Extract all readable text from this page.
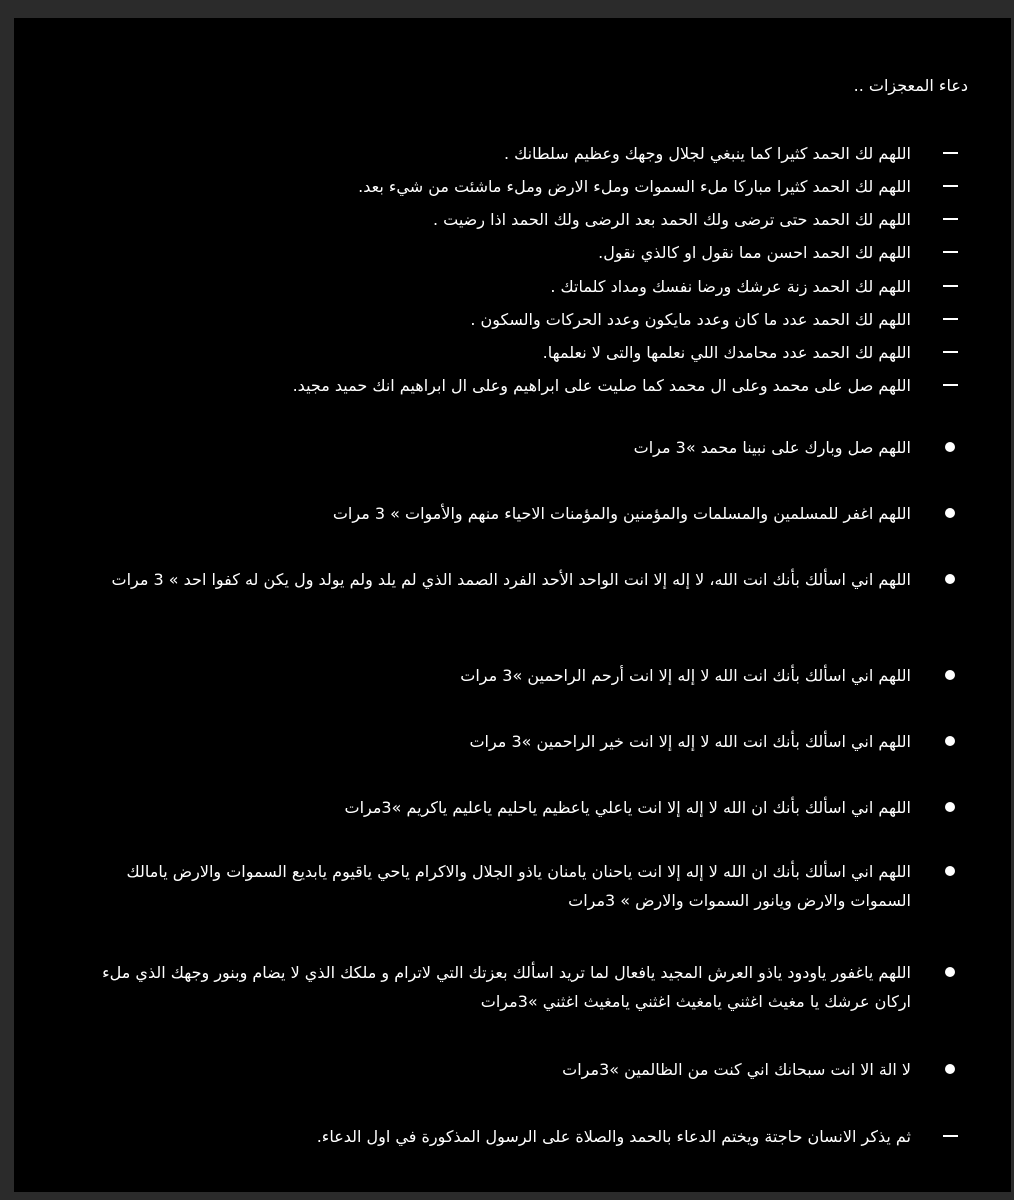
دعاء المعجزات ..
اللهم لك الحمد كثيرا كما ينبغي لجلال وجهك وعظيم سلطانك .
اللهم لك الحمد كثيرا مباركا ملء السموات وملء الارض وملء ماشئت من شيء بعد.
اللهم لك الحمد حتى ترضى ولك الحمد بعد الرضى ولك الحمد اذا رضيت .
اللهم لك الحمد احسن مما نقول او كالذي نقول.
اللهم لك الحمد زنة عرشك ورضا نفسك ومداد كلماتك .
اللهم لك الحمد عدد ما كان وعدد مايكون وعدد الحركات والسكون .
اللهم لك الحمد عدد محامدك اللي نعلمها والتى لا نعلمها.
اللهم صل على محمد وعلى ال محمد كما صليت على ابراهيم وعلى ال ابراهيم انك حميد مجيد.
اللهم صل وبارك على نبينا محمد »3 مرات
اللهم اغفر للمسلمين والمسلمات والمؤمنين والمؤمنات الاحياء منهم والأموات » 3 مرات
اللهم اني اسألك بأنك انت الله، لا إله إلا انت الواحد الأحد الفرد الصمد الذي لم يلد ولم يولد ول يكن له كفوا احد » 3 مرات
اللهم اني اسألك بأنك انت الله لا إله إلا انت أرحم الراحمين »3 مرات
اللهم اني اسألك بأنك انت الله لا إله إلا انت خير الراحمين »3 مرات
اللهم اني اسألك بأنك ان الله لا إله إلا انت ياعلي ياعظيم ياحليم ياعليم ياكريم »3مرات
اللهم اني اسألك بأنك ان الله لا إله إلا انت ياحنان يامنان ياذو الجلال والاكرام ياحي ياقيوم يابديع السموات والارض يامالك السموات والارض ويانور السموات والارض » 3مرات
اللهم ياغفور ياودود ياذو العرش المجيد يافعال لما تريد اسألك بعزتك التي لاترام و ملكك الذي لا يضام وبنور وجهك الذي ملء اركان عرشك يا مغيث اغثني يامغيث اغثني يامغيث اغثني »3مرات
لا الة الا انت سبحانك اني كنت من الظالمين »3مرات
ثم يذكر الانسان حاجتة ويختم الدعاء بالحمد والصلاة على الرسول المذكورة في اول الدعاء.
